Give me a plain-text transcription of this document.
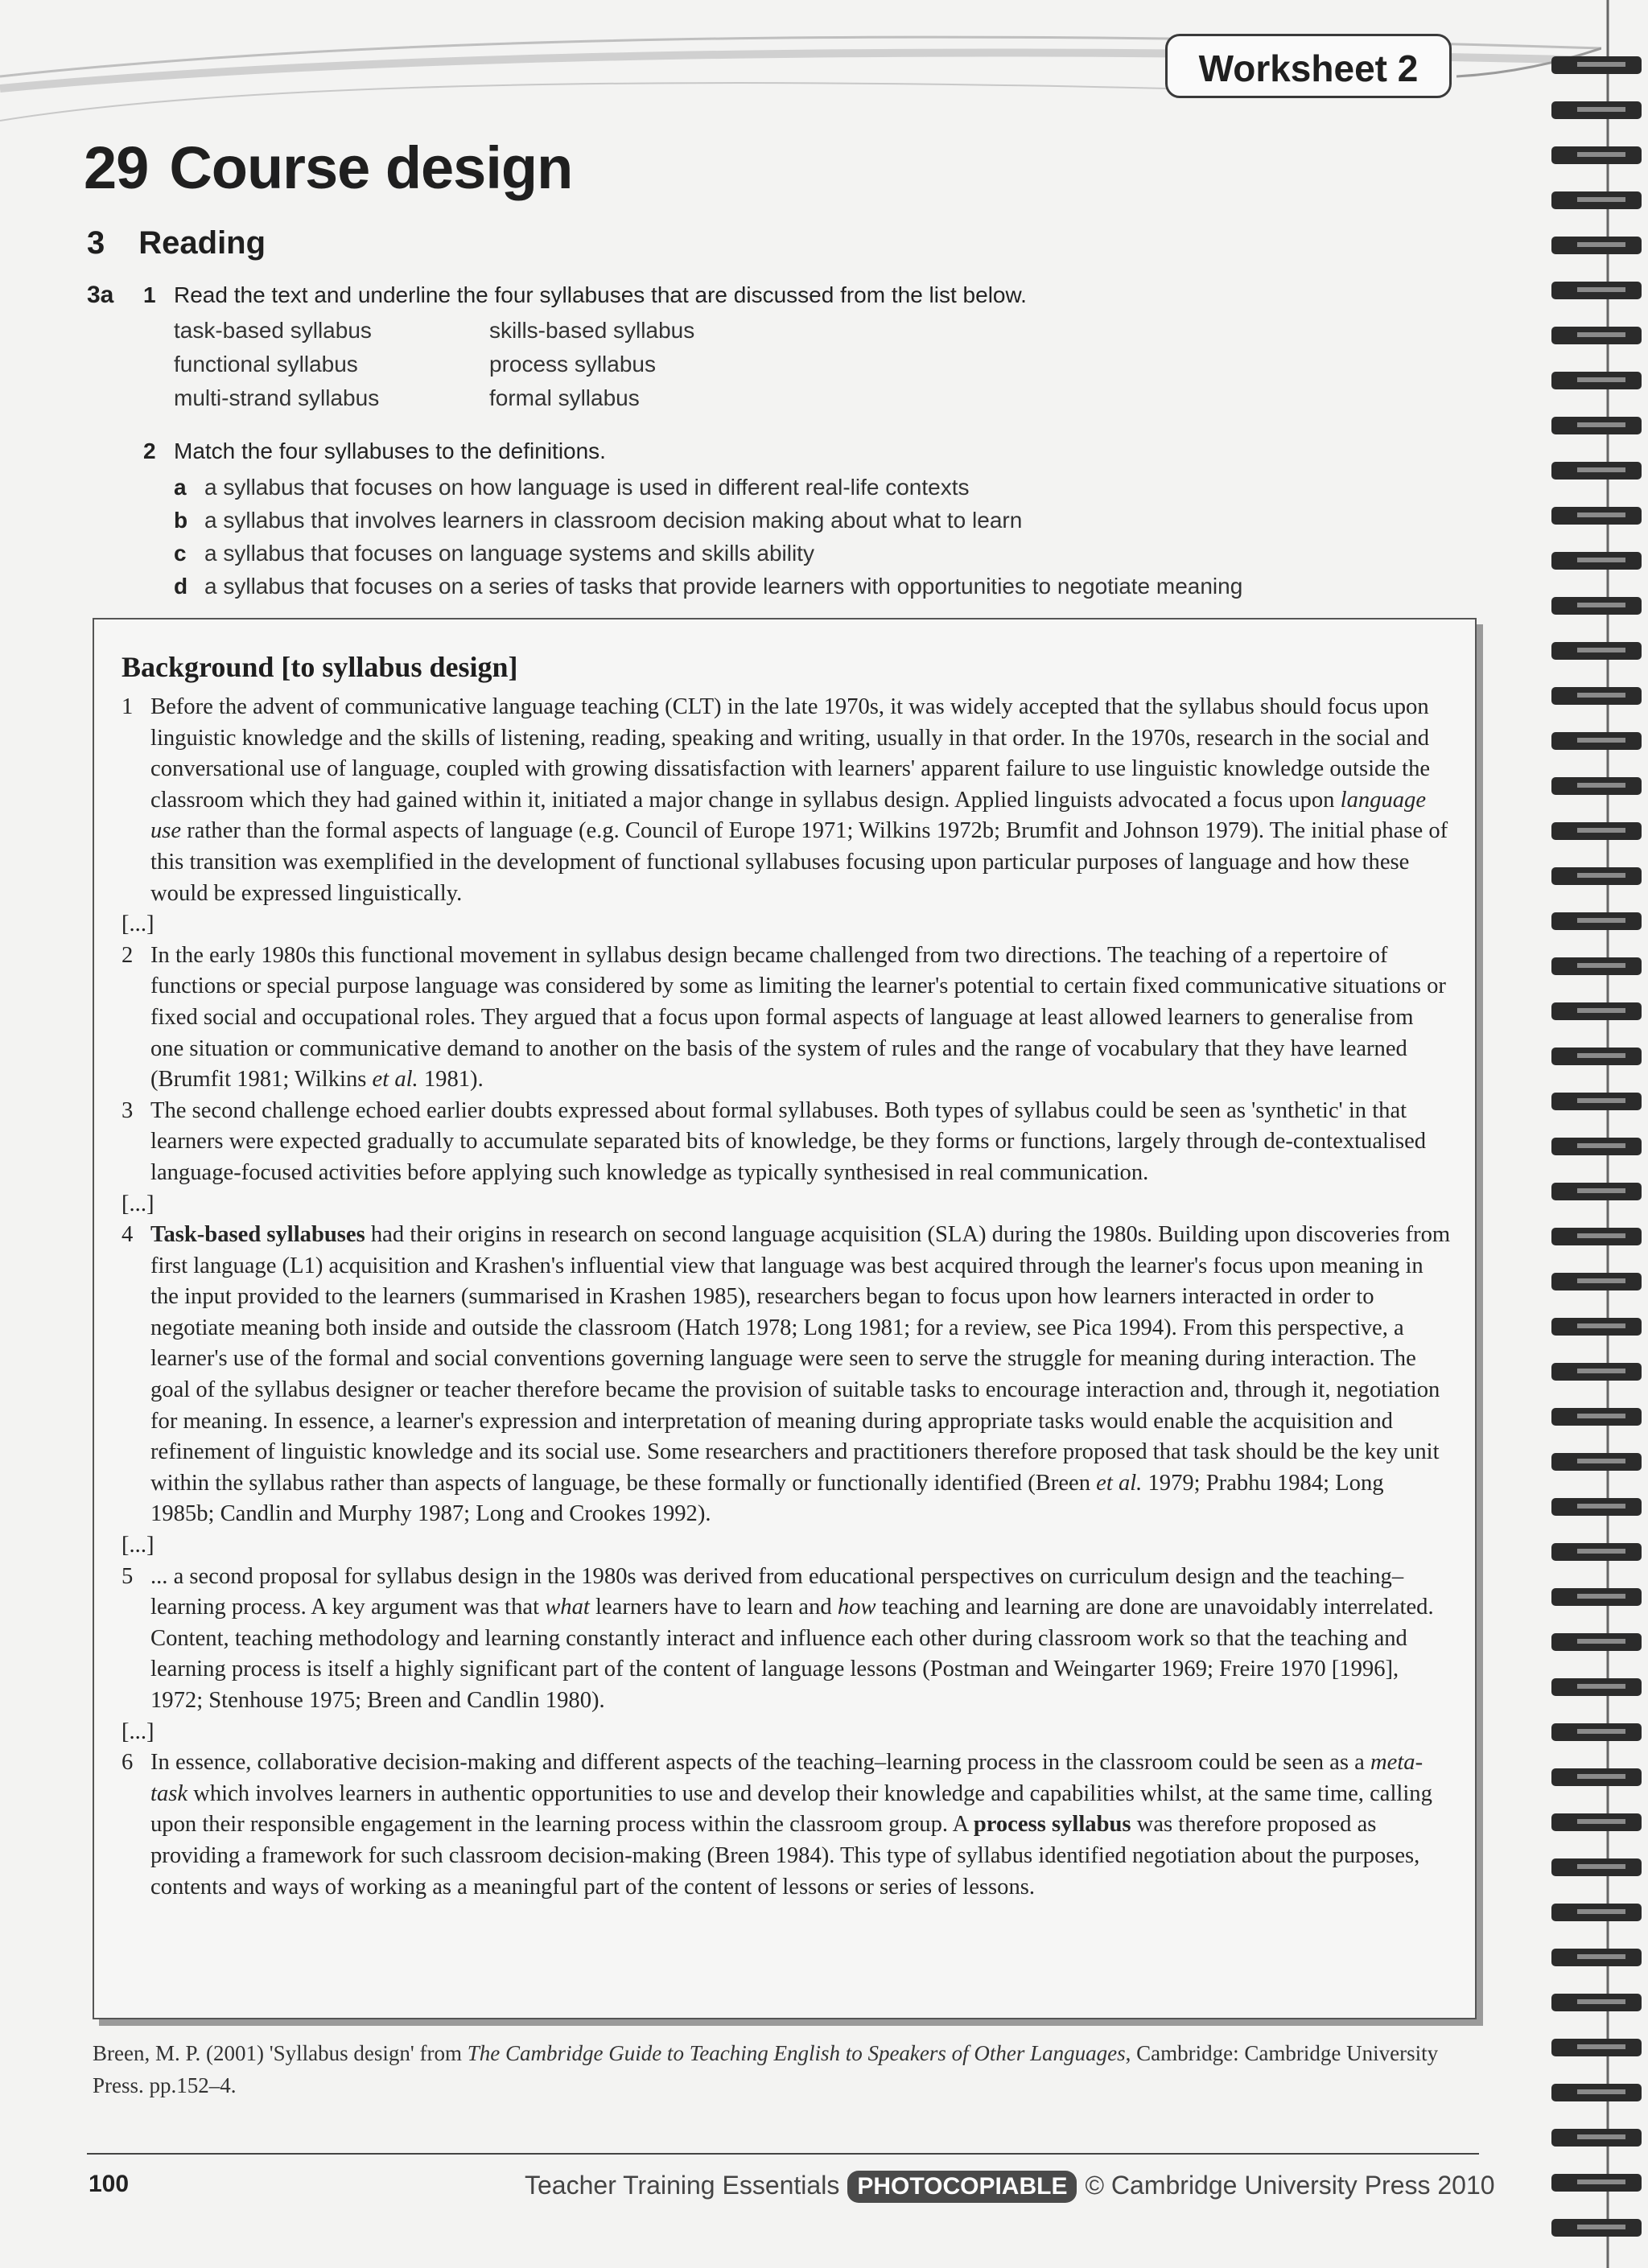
Worksheet 2
29 Course design
3 Reading
3a 1 Read the text and underline the four syllabuses that are discussed from the list below.
task-based syllabus
functional syllabus
multi-strand syllabus
skills-based syllabus
process syllabus
formal syllabus
2 Match the four syllabuses to the definitions.
a a syllabus that focuses on how language is used in different real-life contexts
b a syllabus that involves learners in classroom decision making about what to learn
c a syllabus that focuses on language systems and skills ability
d a syllabus that focuses on a series of tasks that provide learners with opportunities to negotiate meaning
Background [to syllabus design]
1 Before the advent of communicative language teaching (CLT) in the late 1970s, it was widely accepted that the syllabus should focus upon linguistic knowledge and the skills of listening, reading, speaking and writing, usually in that order. In the 1970s, research in the social and conversational use of language, coupled with growing dissatisfaction with learners' apparent failure to use linguistic knowledge outside the classroom which they had gained within it, initiated a major change in syllabus design. Applied linguists advocated a focus upon language use rather than the formal aspects of language (e.g. Council of Europe 1971; Wilkins 1972b; Brumfit and Johnson 1979). The initial phase of this transition was exemplified in the development of functional syllabuses focusing upon particular purposes of language and how these would be expressed linguistically.
[...]
2 In the early 1980s this functional movement in syllabus design became challenged from two directions. The teaching of a repertoire of functions or special purpose language was considered by some as limiting the learner's potential to certain fixed communicative situations or fixed social and occupational roles. They argued that a focus upon formal aspects of language at least allowed learners to generalise from one situation or communicative demand to another on the basis of the system of rules and the range of vocabulary that they have learned (Brumfit 1981; Wilkins et al. 1981).
3 The second challenge echoed earlier doubts expressed about formal syllabuses. Both types of syllabus could be seen as 'synthetic' in that learners were expected gradually to accumulate separated bits of knowledge, be they forms or functions, largely through de-contextualised language-focused activities before applying such knowledge as typically synthesised in real communication.
[...]
4 Task-based syllabuses had their origins in research on second language acquisition (SLA) during the 1980s. Building upon discoveries from first language (L1) acquisition and Krashen's influential view that language was best acquired through the learner's focus upon meaning in the input provided to the learners (summarised in Krashen 1985), researchers began to focus upon how learners interacted in order to negotiate meaning both inside and outside the classroom (Hatch 1978; Long 1981; for a review, see Pica 1994). From this perspective, a learner's use of the formal and social conventions governing language were seen to serve the struggle for meaning during interaction. The goal of the syllabus designer or teacher therefore became the provision of suitable tasks to encourage interaction and, through it, negotiation for meaning. In essence, a learner's expression and interpretation of meaning during appropriate tasks would enable the acquisition and refinement of linguistic knowledge and its social use. Some researchers and practitioners therefore proposed that task should be the key unit within the syllabus rather than aspects of language, be these formally or functionally identified (Breen et al. 1979; Prabhu 1984; Long 1985b; Candlin and Murphy 1987; Long and Crookes 1992).
[...]
5 ... a second proposal for syllabus design in the 1980s was derived from educational perspectives on curriculum design and the teaching–learning process. A key argument was that what learners have to learn and how teaching and learning are done are unavoidably interrelated. Content, teaching methodology and learning constantly interact and influence each other during classroom work so that the teaching and learning process is itself a highly significant part of the content of language lessons (Postman and Weingarter 1969; Freire 1970 [1996], 1972; Stenhouse 1975; Breen and Candlin 1980).
[...]
6 In essence, collaborative decision-making and different aspects of the teaching–learning process in the classroom could be seen as a meta-task which involves learners in authentic opportunities to use and develop their knowledge and capabilities whilst, at the same time, calling upon their responsible engagement in the learning process within the classroom group. A process syllabus was therefore proposed as providing a framework for such classroom decision-making (Breen 1984). This type of syllabus identified negotiation about the purposes, contents and ways of working as a meaningful part of the content of lessons or series of lessons.
Breen, M. P. (2001) 'Syllabus design' from The Cambridge Guide to Teaching English to Speakers of Other Languages, Cambridge: Cambridge University Press. pp.152–4.
100	Teacher Training Essentials PHOTOCOPIABLE © Cambridge University Press 2010
